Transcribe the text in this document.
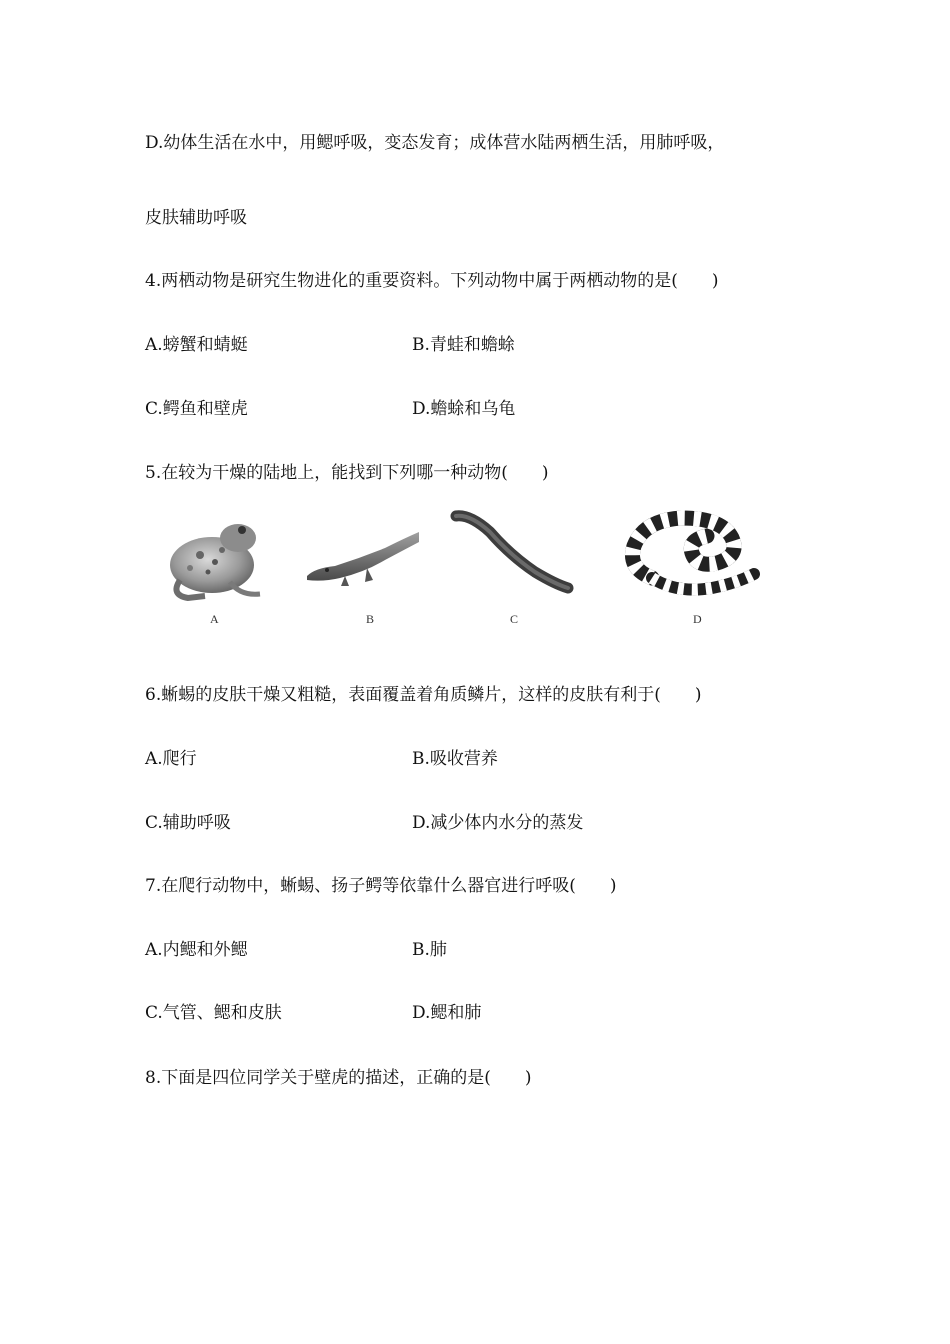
D.幼体生活在水中，用鳃呼吸，变态发育；成体营水陆两栖生活，用肺呼吸，
皮肤辅助呼吸
4.两栖动物是研究生物进化的重要资料。下列动物中属于两栖动物的是(　　)
A.螃蟹和蜻蜓	B.青蛙和蟾蜍
C.鳄鱼和壁虎	D.蟾蜍和乌龟
5.在较为干燥的陆地上，能找到下列哪一种动物(　　)
A	B	C	D
6.蜥蜴的皮肤干燥又粗糙，表面覆盖着角质鳞片，这样的皮肤有利于(　　)
A.爬行	B.吸收营养
C.辅助呼吸	D.减少体内水分的蒸发
7.在爬行动物中，蜥蜴、扬子鳄等依靠什么器官进行呼吸(　　)
A.内鳃和外鳃	B.肺
C.气管、鳃和皮肤	D.鳃和肺
8.下面是四位同学关于壁虎的描述，正确的是(　　)
